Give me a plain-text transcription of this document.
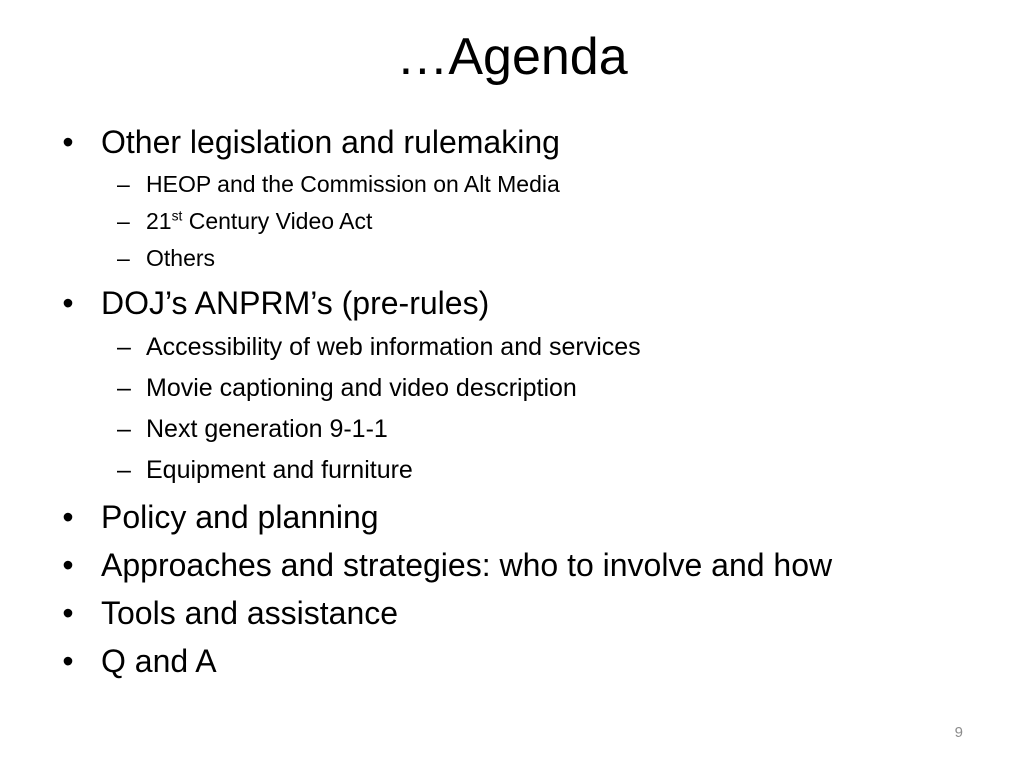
…Agenda
• Other legislation and rulemaking
– HEOP and the Commission on Alt Media
– 21st Century Video Act
– Others
• DOJ’s ANPRM’s (pre-rules)
– Accessibility of web information and services
– Movie captioning and video description
– Next generation 9-1-1
– Equipment and furniture
• Policy and planning
• Approaches and strategies: who to involve and how
• Tools and assistance
• Q and A
9
